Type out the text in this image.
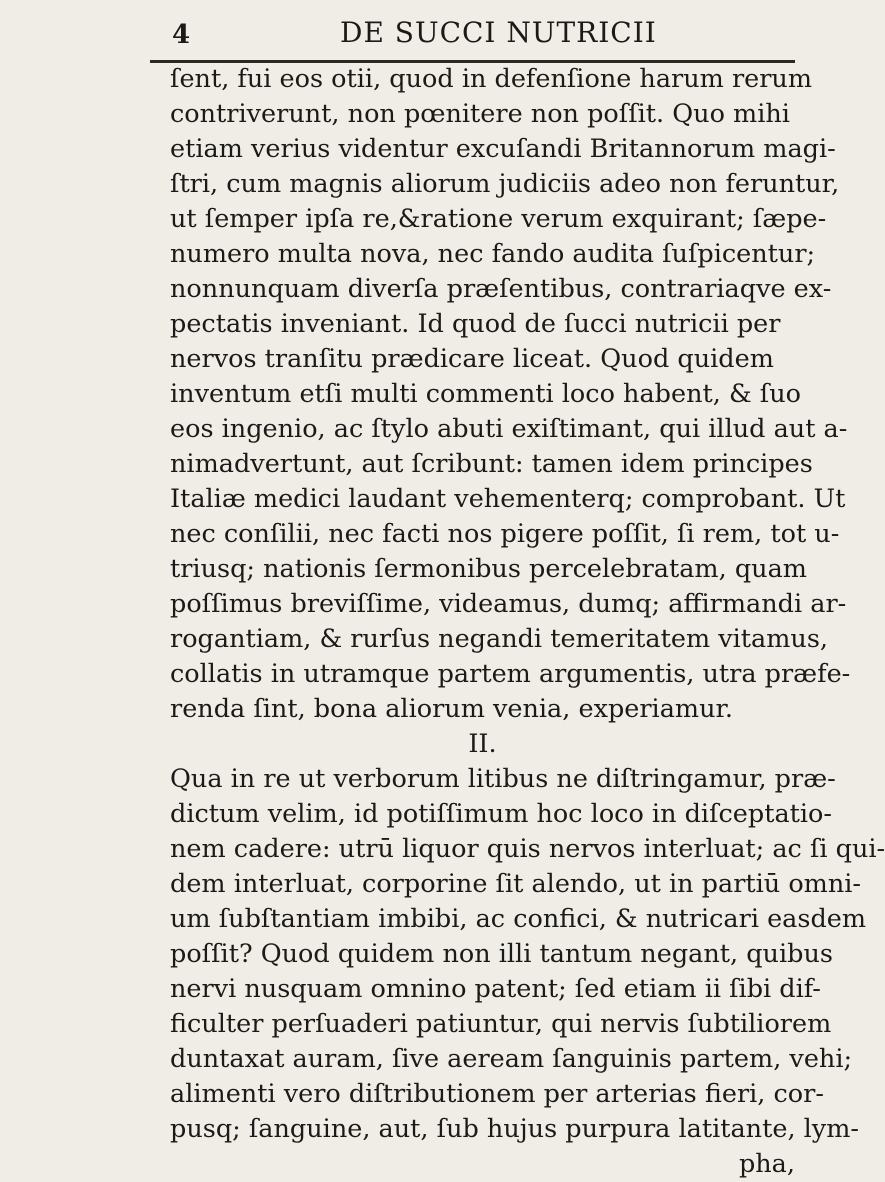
4	DE SUCCI NUTRICII
ſent, fui eos otii, quod in defenſione harum rerum
contriverunt, non pœnitere non poſſit. Quo mihi
etiam verius videntur excuſandi Britannorum magi-
ſtri, cum magnis aliorum judiciis adeo non feruntur,
ut ſemper ipſa re,&ratione verum exquirant; ſæpe-
numero multa nova, nec fando audita ſuſpicentur;
nonnunquam diverſa præſentibus, contrariaqve ex-
pectatis inveniant. Id quod de ſucci nutricii per
nervos tranſitu prædicare liceat. Quod quidem
inventum etſi multi commenti loco habent, & ſuo
eos ingenio, ac ſtylo abuti exiſtimant, qui illud aut a-
nimadvertunt, aut ſcribunt: tamen idem principes
Italiæ medici laudant vehementerq; comprobant. Ut
nec conſilii, nec facti nos pigere poſſit, ſi rem, tot u-
triusq; nationis ſermonibus percelebratam, quam
poſſimus breviſſime, videamus, dumq; affirmandi ar-
rogantiam, & rurſus negandi temeritatem vitamus,
collatis in utramque partem argumentis, utra præfe-
renda ſint, bona aliorum venia, experiamur.
II.
Qua in re ut verborum litibus ne diſtringamur, præ-
dictum velim, id potiſſimum hoc loco in diſceptatio-
nem cadere: utrū liquor quis nervos interluat; ac ſi qui-
dem interluat, corporine ſit alendo, ut in partiū omni-
um ſubſtantiam imbibi, ac confici, & nutricari easdem
poſſit? Quod quidem non illi tantum negant, quibus
nervi nusquam omnino patent; ſed etiam ii ſibi dif-
ficulter perſuaderi patiuntur, qui nervis ſubtiliorem
duntaxat auram, ſive aeream ſanguinis partem, vehi;
alimenti vero diſtributionem per arterias fieri, cor-
pusq; ſanguine, aut, ſub hujus purpura latitante, lym-
pha,
